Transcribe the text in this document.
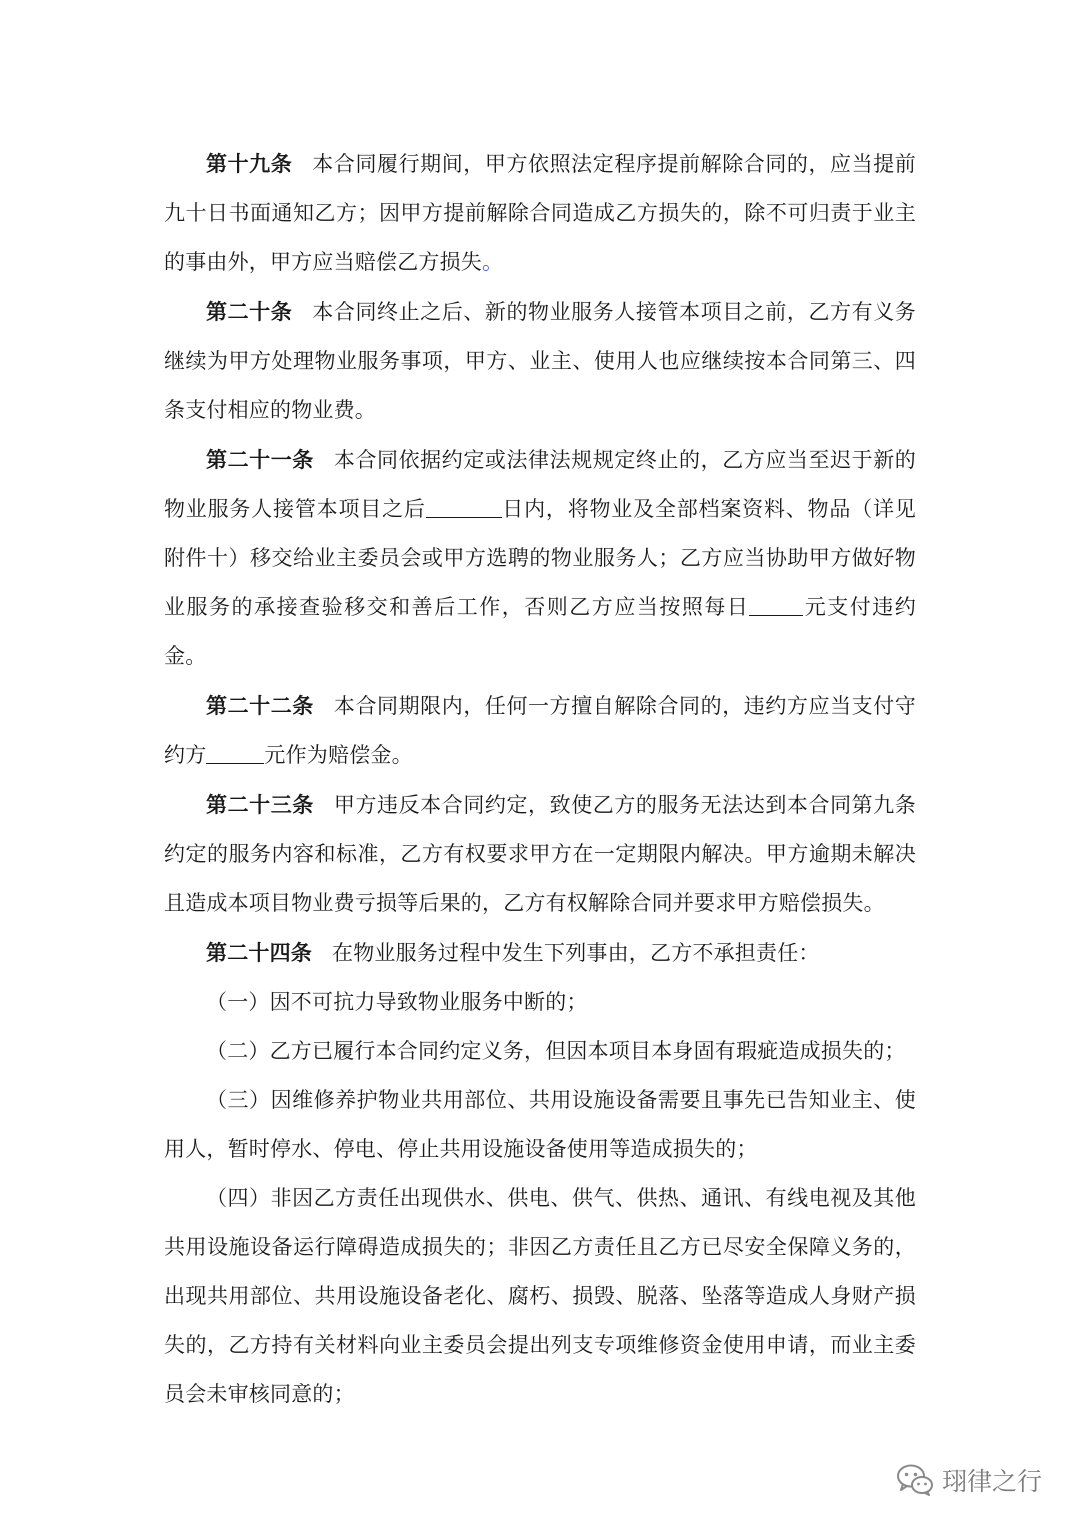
第十九条 本合同履行期间，甲方依照法定程序提前解除合同的，应当提前九十日书面通知乙方；因甲方提前解除合同造成乙方损失的，除不可归责于业主的事由外，甲方应当赔偿乙方损失。

第二十条 本合同终止之后、新的物业服务人接管本项目之前，乙方有义务继续为甲方处理物业服务事项，甲方、业主、使用人也应继续按本合同第三、四条支付相应的物业费。

第二十一条 本合同依据约定或法律法规规定终止的，乙方应当至迟于新的物业服务人接管本项目之后	日内，将物业及全部档案资料、物品（详见附件十）移交给业主委员会或甲方选聘的物业服务人；乙方应当协助甲方做好物业服务的承接查验移交和善后工作，否则乙方应当按照每日	元支付违约金。

第二十二条 本合同期限内，任何一方擅自解除合同的，违约方应当支付守约方	元作为赔偿金。

第二十三条 甲方违反本合同约定，致使乙方的服务无法达到本合同第九条约定的服务内容和标准，乙方有权要求甲方在一定期限内解决。甲方逾期未解决且造成本项目物业费亏损等后果的，乙方有权解除合同并要求甲方赔偿损失。

第二十四条 在物业服务过程中发生下列事由，乙方不承担责任：

（一）因不可抗力导致物业服务中断的；

（二）乙方已履行本合同约定义务，但因本项目本身固有瑕疵造成损失的；

（三）因维修养护物业共用部位、共用设施设备需要且事先已告知业主、使用人，暂时停水、停电、停止共用设施设备使用等造成损失的；

（四）非因乙方责任出现供水、供电、供气、供热、通讯、有线电视及其他共用设施设备运行障碍造成损失的；非因乙方责任且乙方已尽安全保障义务的，出现共用部位、共用设施设备老化、腐朽、损毁、脱落、坠落等造成人身财产损失的，乙方持有关材料向业主委员会提出列支专项维修资金使用申请，而业主委员会未审核同意的；

珝律之行
